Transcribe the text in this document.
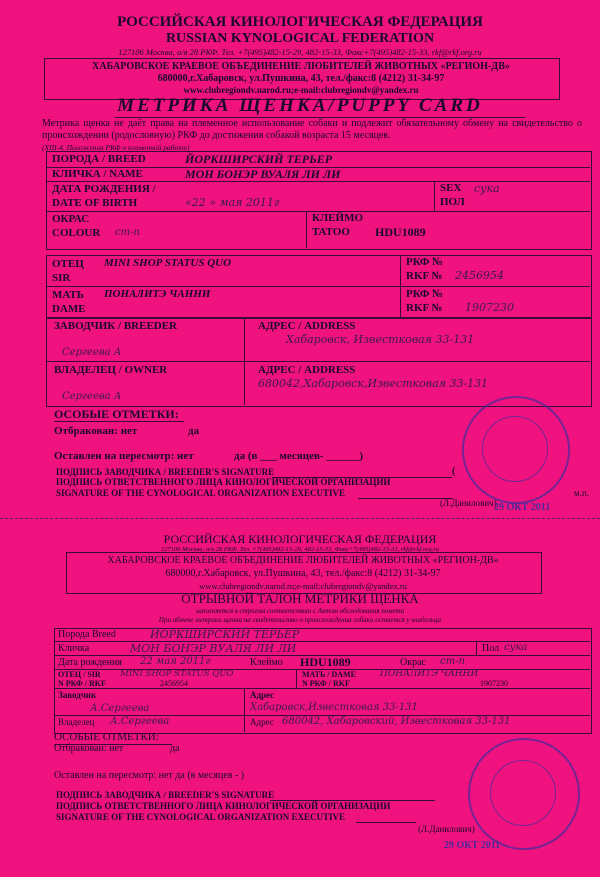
РОССИЙСКАЯ КИНОЛОГИЧЕСКАЯ ФЕДЕРАЦИЯ
RUSSIAN KYNOLOGICAL FEDERATION
127106 Москва, а/я 28 РКФ. Тел. +7(495)482-15-29, 482-15-33, Факс+7(495)482-15-33, rkf@rkf.org.ru
ХАБАРОВСКОЕ КРАЕВОЕ ОБЪЕДИНЕНИЕ ЛЮБИТЕЛЕЙ ЖИВОТНЫХ «РЕГИОН-ДВ»
680000,г.Хабаровск, ул.Пушкина, 43, тел./факс:8 (4212) 31-34-97
www.clubregiondv.narod.ru;e-mail:clubregiondv@yandex.ru
МЕТРИКА ЩЕНКА/PUPPY CARD
Метрика щенка не даёт права на племенное использование собаки и подлежит обязательному обмену на свидетельство о происхождении (родословную) РКФ до достижения собакой возраста 15 месяцев.
(XIII-4. Положения РКФ о племенной работе)
ПОРОДА / BREED	ЙОРКШИРСКИЙ ТЕРЬЕР
КЛИЧКА / NAME	МОН БОНЭР ВУАЛЯ ЛИ ЛИ
ДАТА РОЖДЕНИЯ /
DATE OF BIRTH	«22 » мая 2011г
SEX сука
ПОЛ
ОКРАС
COLOUR ст-п
КЛЕЙМО
TATOO HDU1089
ОТЕЦ
SIR
MINI SHOP STATUS QUO	РКФ №
RKF № 2456954
МАТЬ
DAME
ПОНАЛИТЭ ЧАННИ	РКФ №
RKF № 1907230
ЗАВОДЧИК / BREEDER
Сергеева А
АДРЕС / ADDRESS
Хабаровск, Известковая 33-131
ВЛАДЕЛЕЦ / OWNER
Сергеева А
АДРЕС / ADDRESS
680042,Хабаровск,Известковая 33-131
ОСОБЫЕ ОТМЕТКИ:
Отбракован: нет	да
Оставлен на пересмотр: нет	да (в ___ месяцев- ______)
ПОДПИСЬ ЗАВОДЧИКА / BREEDER'S SIGNATURE	(
ПОДПИСЬ ОТВЕТСТВЕННОГО ЛИЦА КИНОЛОГИЧЕСКОЙ ОРГАНИЗАЦИИ
SIGNATURE OF THE CYNOLOGICAL ORGANIZATION EXECUTIVE
(Л.Данилович)
м.п.
29 ОКТ 2011
РОССИЙСКАЯ КИНОЛОГИЧЕСКАЯ ФЕДЕРАЦИЯ
127106 Москва, а/я 28 РКФ. Тел. +7(495)482-15-29, 482-15-33, Факс+7(495)482-15-33, rkf@rkf.org.ru
ХАБАРОВСКОЕ КРАЕВОЕ ОБЪЕДИНЕНИЕ ЛЮБИТЕЛЕЙ ЖИВОТНЫХ «РЕГИОН-ДВ»
680000,г.Хабаровск, ул.Пушкина, 43, тел./факс:8 (4212) 31-34-97
www.clubregiondv.narod.ru;e-mail:clubregiondv@yandex.ru
ОТРЫВНОЙ ТАЛОН МЕТРИКИ ЩЕНКА
заполняется в строгом соответствии с Актом обследования помета
При обмене метрики щенка на свидетельство о происхождении собаки остается у владельца
Порода Breed	ЙОРКШИРСКИЙ ТЕРЬЕР
Кличка	МОН БОНЭР ВУАЛЯ ЛИ ЛИ	Пол сука
Дата рождения 22 мая 2011г	Клеймо HDU1089	Окрас ст-п
ОТЕЦ / SIR MINI SHOP STATUS QUO
N РКФ / RKF	2456954
МАТЬ / DAME	ПОНАЛИТЭ ЧАННИ
N РКФ / RKF	1907230
Заводчик
А.Сергеева
Адрес
Хабаровск,Известковая 33-131
Владелец А.Сергеева	Адрес 680042, Хабаровский, Известковая 33-131
ОСОБЫЕ ОТМЕТКИ:
Отбракован: нет	да
Оставлен на пересмотр: нет да (в месяцев - )
ПОДПИСЬ ЗАВОДЧИКА / BREEDER'S SIGNATURE
ПОДПИСЬ ОТВЕТСТВЕННОГО ЛИЦА КИНОЛОГИЧЕСКОЙ ОРГАНИЗАЦИИ
SIGNATURE OF THE CYNOLOGICAL ORGANIZATION EXECUTIVE
(Л.Данилович)
29 ОКТ 2011
